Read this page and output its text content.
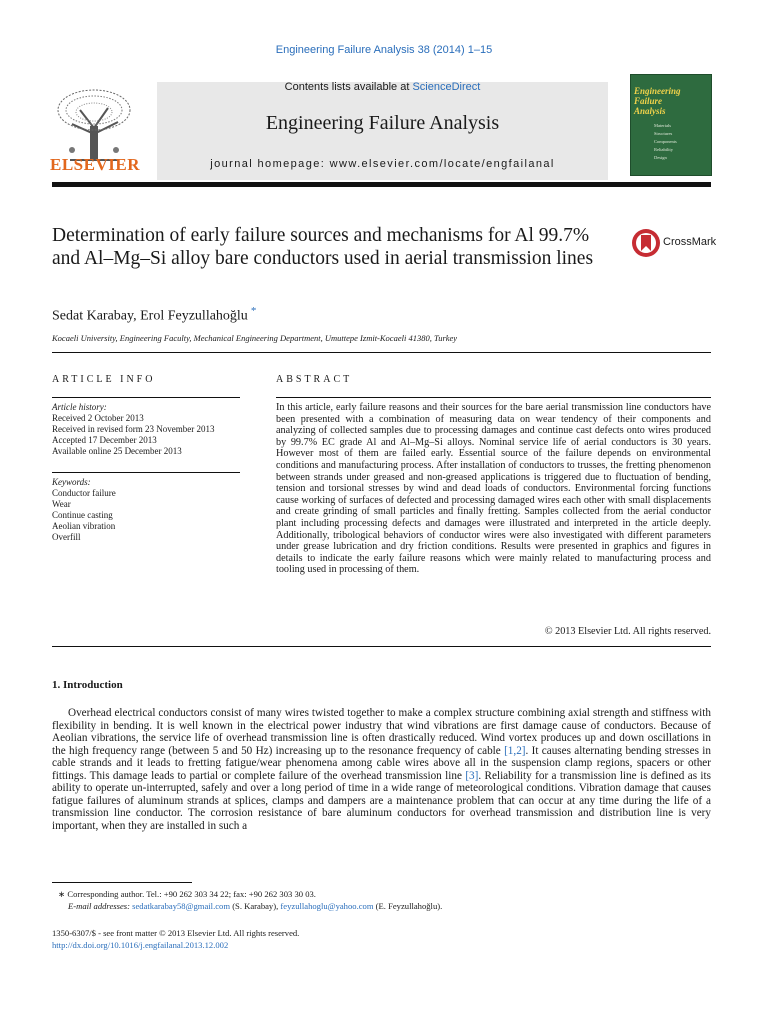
Engineering Failure Analysis 38 (2014) 1–15
ELSEVIER
Contents lists available at ScienceDirect
Engineering Failure Analysis
journal homepage: www.elsevier.com/locate/engfailanal
Engineering
Failure
Analysis
Materials
Structures
Components
Reliability
Design
Determination of early failure sources and mechanisms for Al 99.7% and Al–Mg–Si alloy bare conductors used in aerial transmission lines
CrossMark
Sedat Karabay, Erol Feyzullahoğlu *
Kocaeli University, Engineering Faculty, Mechanical Engineering Department, Umuttepe Izmit-Kocaeli 41380, Turkey
ARTICLE INFO	ABSTRACT
Article history:
Received 2 October 2013
Received in revised form 23 November 2013
Accepted 17 December 2013
Available online 25 December 2013
Keywords:
Conductor failure
Wear
Continue casting
Aeolian vibration
Overfill
In this article, early failure reasons and their sources for the bare aerial transmission line conductors have been presented with a combination of measuring data on wear tendency of their components and analyzing of collected samples due to processing damages and continue cast defects onto wires produced by 99.7% EC grade Al and Al–Mg–Si alloys. Nominal service life of aerial conductors is 30 years. However most of them are failed early. Essential source of the failure depends on environmental conditions and manufacturing process. After installation of conductors to trusses, the fretting phenomenon between strands under greased and non-greased applications is triggered due to fluctuation of bending, tension and torsional stresses by wind and dead loads of conductors. Environmental forcing functions cause working of surfaces of defected and processing damaged wires each other with small displacements and create grinding of small particles and finally fretting. Samples collected from the aerial conductor plant including processing defects and damages were illustrated and interpreted in the article deeply. Additionally, tribological behaviors of conductor wires were also investigated with different parameters under grease lubrication and dry friction conditions. Results were presented in graphics and figures in details to indicate the early failure reasons which were mainly related to manufacturing process and tooling used in processing of them.
© 2013 Elsevier Ltd. All rights reserved.
1. Introduction
Overhead electrical conductors consist of many wires twisted together to make a complex structure combining axial strength and stiffness with flexibility in bending. It is well known in the electrical power industry that wind vibrations are first damage cause of conductors. Because of Aeolian vibrations, the service life of overhead transmission line is often drastically reduced. Wind vortex produces up and down oscillations in the high frequency range (between 5 and 50 Hz) increasing up to the resonance frequency of cable [1,2]. It causes alternating bending stresses in cable strands and it leads to fretting fatigue/wear phenomena among cable wires above all in the suspension clamp regions, spacers or other fittings. This damage leads to partial or complete failure of the overhead transmission line [3]. Reliability for a transmission line is defined as its ability to operate un-interrupted, safely and over a long period of time in a wide range of meteorological conditions. Vibration damage that causes fatigue failures of aluminum strands at splices, clamps and dampers are a maintenance problem that can occur at any time during the life of a transmission line conductor. The corrosion resistance of bare aluminum conductors for overhead transmission and distribution line is very important, when they are installed in such a
∗ Corresponding author. Tel.: +90 262 303 34 22; fax: +90 262 303 30 03.
E-mail addresses: sedatkarabay58@gmail.com (S. Karabay), feyzullahoglu@yahoo.com (E. Feyzullahoğlu).
1350-6307/$ - see front matter © 2013 Elsevier Ltd. All rights reserved.
http://dx.doi.org/10.1016/j.engfailanal.2013.12.002
